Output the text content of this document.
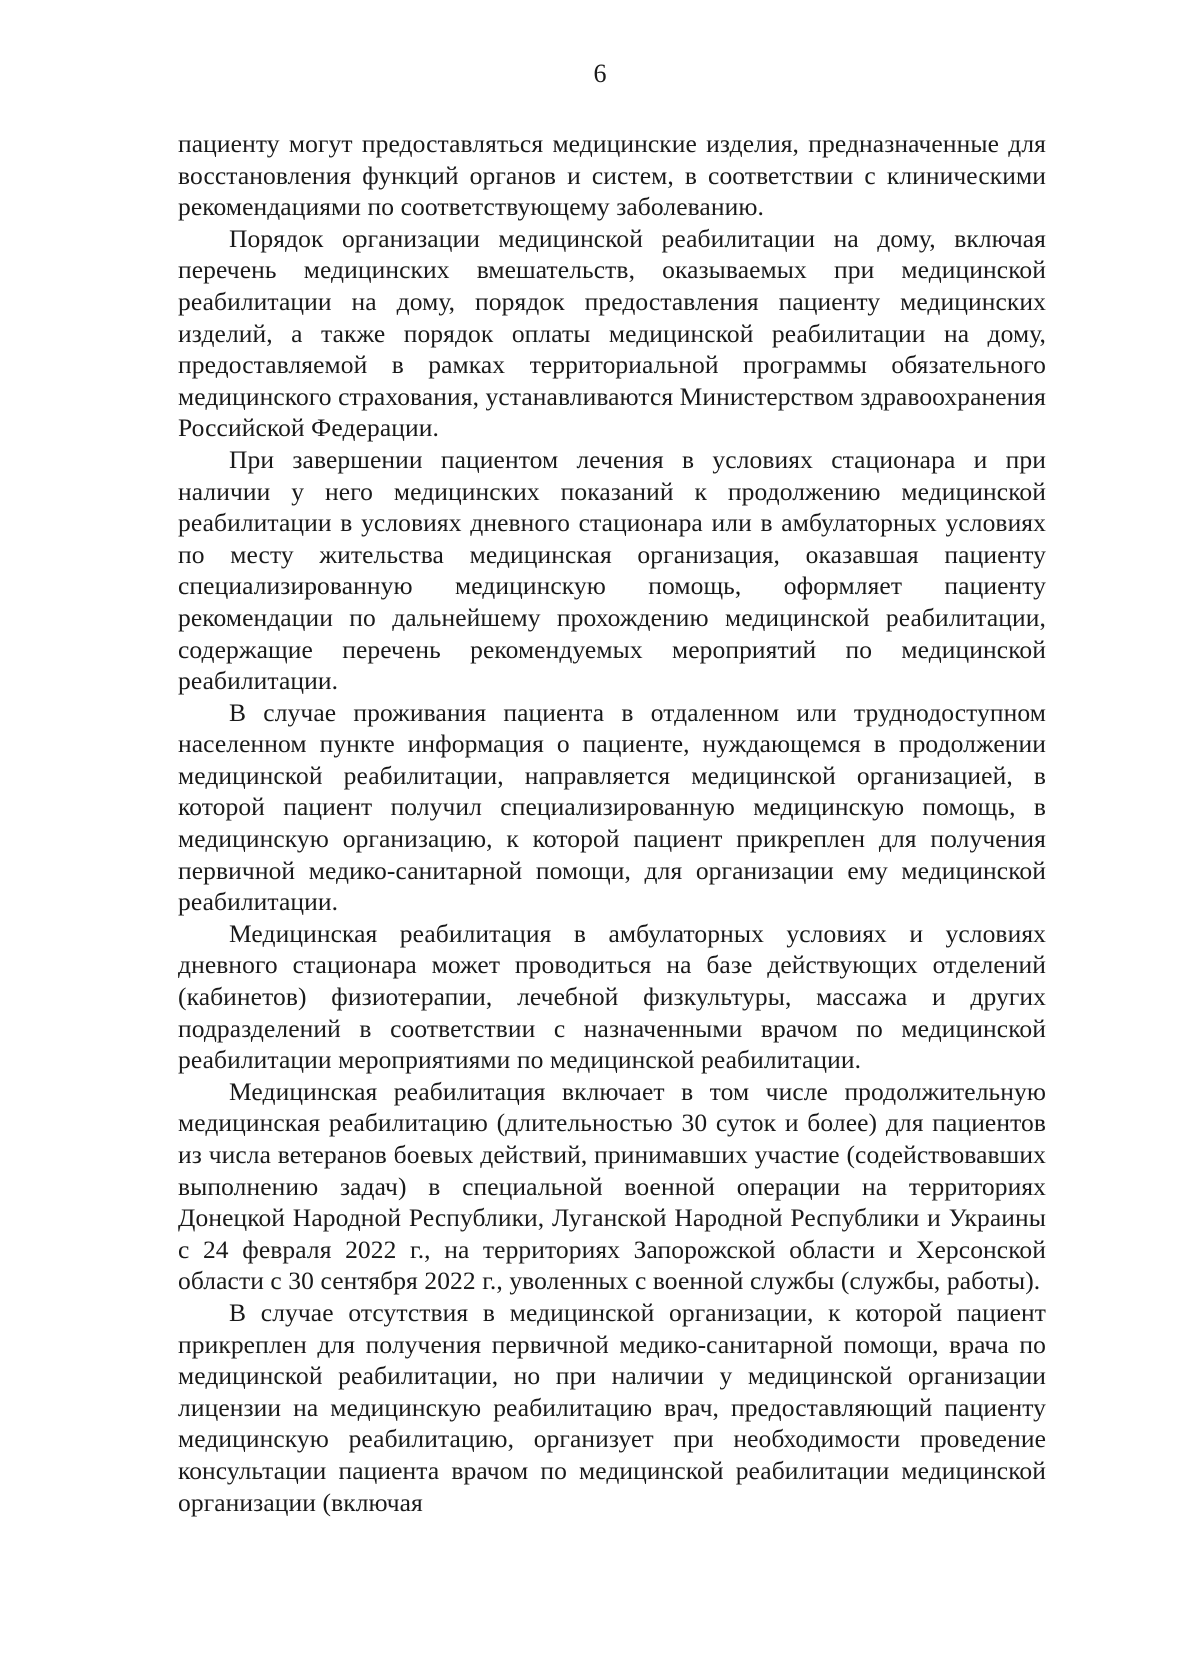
6

пациенту могут предоставляться медицинские изделия, предназначенные для восстановления функций органов и систем, в соответствии с клиническими рекомендациями по соответствующему заболеванию.

Порядок организации медицинской реабилитации на дому, включая перечень медицинских вмешательств, оказываемых при медицинской реабилитации на дому, порядок предоставления пациенту медицинских изделий, а также порядок оплаты медицинской реабилитации на дому, предоставляемой в рамках территориальной программы обязательного медицинского страхования, устанавливаются Министерством здравоохранения Российской Федерации.

При завершении пациентом лечения в условиях стационара и при наличии у него медицинских показаний к продолжению медицинской реабилитации в условиях дневного стационара или в амбулаторных условиях по месту жительства медицинская организация, оказавшая пациенту специализированную медицинскую помощь, оформляет пациенту рекомендации по дальнейшему прохождению медицинской реабилитации, содержащие перечень рекомендуемых мероприятий по медицинской реабилитации.

В случае проживания пациента в отдаленном или труднодоступном населенном пункте информация о пациенте, нуждающемся в продолжении медицинской реабилитации, направляется медицинской организацией, в которой пациент получил специализированную медицинскую помощь, в медицинскую организацию, к которой пациент прикреплен для получения первичной медико-санитарной помощи, для организации ему медицинской реабилитации.

Медицинская реабилитация в амбулаторных условиях и условиях дневного стационара может проводиться на базе действующих отделений (кабинетов) физиотерапии, лечебной физкультуры, массажа и других подразделений в соответствии с назначенными врачом по медицинской реабилитации мероприятиями по медицинской реабилитации.

Медицинская реабилитация включает в том числе продолжительную медицинская реабилитацию (длительностью 30 суток и более) для пациентов из числа ветеранов боевых действий, принимавших участие (содействовавших выполнению задач) в специальной военной операции на территориях Донецкой Народной Республики, Луганской Народной Республики и Украины с 24 февраля 2022 г., на территориях Запорожской области и Херсонской области с 30 сентября 2022 г., уволенных с военной службы (службы, работы).

В случае отсутствия в медицинской организации, к которой пациент прикреплен для получения первичной медико-санитарной помощи, врача по медицинской реабилитации, но при наличии у медицинской организации лицензии на медицинскую реабилитацию врач, предоставляющий пациенту медицинскую реабилитацию, организует при необходимости проведение консультации пациента врачом по медицинской реабилитации медицинской организации (включая
